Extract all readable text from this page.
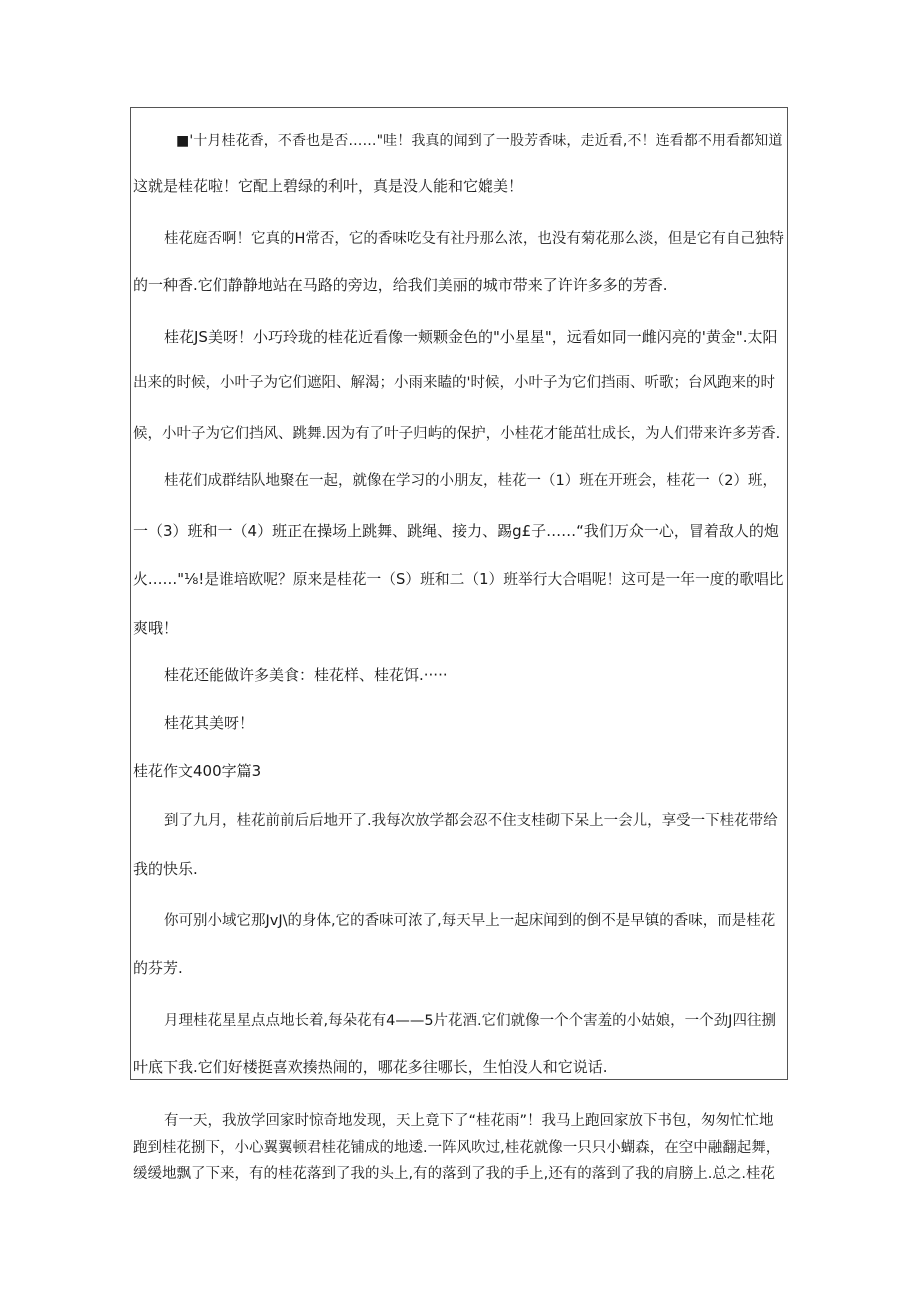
■'十月桂花香，不香也是否……"哇！我真的闻到了一股芳香味，走近看,不！连看都不用看都知道
这就是桂花啦！它配上碧绿的利叶，真是没人能和它媲美！
桂花庭否啊！它真的H常否，它的香味吃殳有社丹那么浓，也没有菊花那么淡，但是它有自己独特
的一种香.它们静静地站在马路的旁边，给我们美丽的城市带来了许许多多的芳香.
桂花JS美呀！小巧玲珑的桂花近看像一颊颗金色的"小星星"，远看如同一雌闪亮的'黄金".太阳
出来的时候，小叶子为它们遮阳、解渴；小雨来瞌的'时候，小叶子为它们挡雨、听歌；台风跑来的时
候，小叶子为它们挡风、跳舞.因为有了叶子归屿的保护，小桂花才能茁壮成长，为人们带来许多芳香.
桂花们成群结队地聚在一起，就像在学习的小朋友，桂花一（1）班在开班会，桂花一（2）班，
一（3）班和一（4）班正在操场上跳舞、跳绳、接力、踢g£子……“我们万众一心，冒着敌人的炮
火……"⅛!是谁培欧呢？原来是桂花一（S）班和二（1）班举行大合唱呢！这可是一年一度的歌唱比
爽哦！
桂花还能做许多美食：桂花样、桂花饵.·····
桂花其美呀！
桂花作文400字篇3
到了九月，桂花前前后后地开了.我每次放学都会忍不住支桂砌下呆上一会儿，享受一下桂花带给
我的快乐.
你可别小域它那JvJ\的身体,它的香味可浓了,每天早上一起床闻到的倒不是早镇的香味，而是桂花
的芬芳.
月理桂花星星点点地长着,每朵花有4——5片花酒.它们就像一个个害羞的小姑娘，一个劲J四往捌
叶底下我.它们好楼挺喜欢揍热闹的，哪花多往哪长，生怕没人和它说话.
有一天，我放学回家时惊奇地发现，天上竟下了“桂花雨”！我马上跑回家放下书包，匆匆忙忙地
跑到桂花捌下，小心翼翼顿君桂花铺成的地逶.一阵风吹过,桂花就像一只只小蝴森，在空中融翻起舞，
缓缓地飘了下来，有的桂花落到了我的头上,有的落到了我的手上,还有的落到了我的肩膀上.总之.桂花
